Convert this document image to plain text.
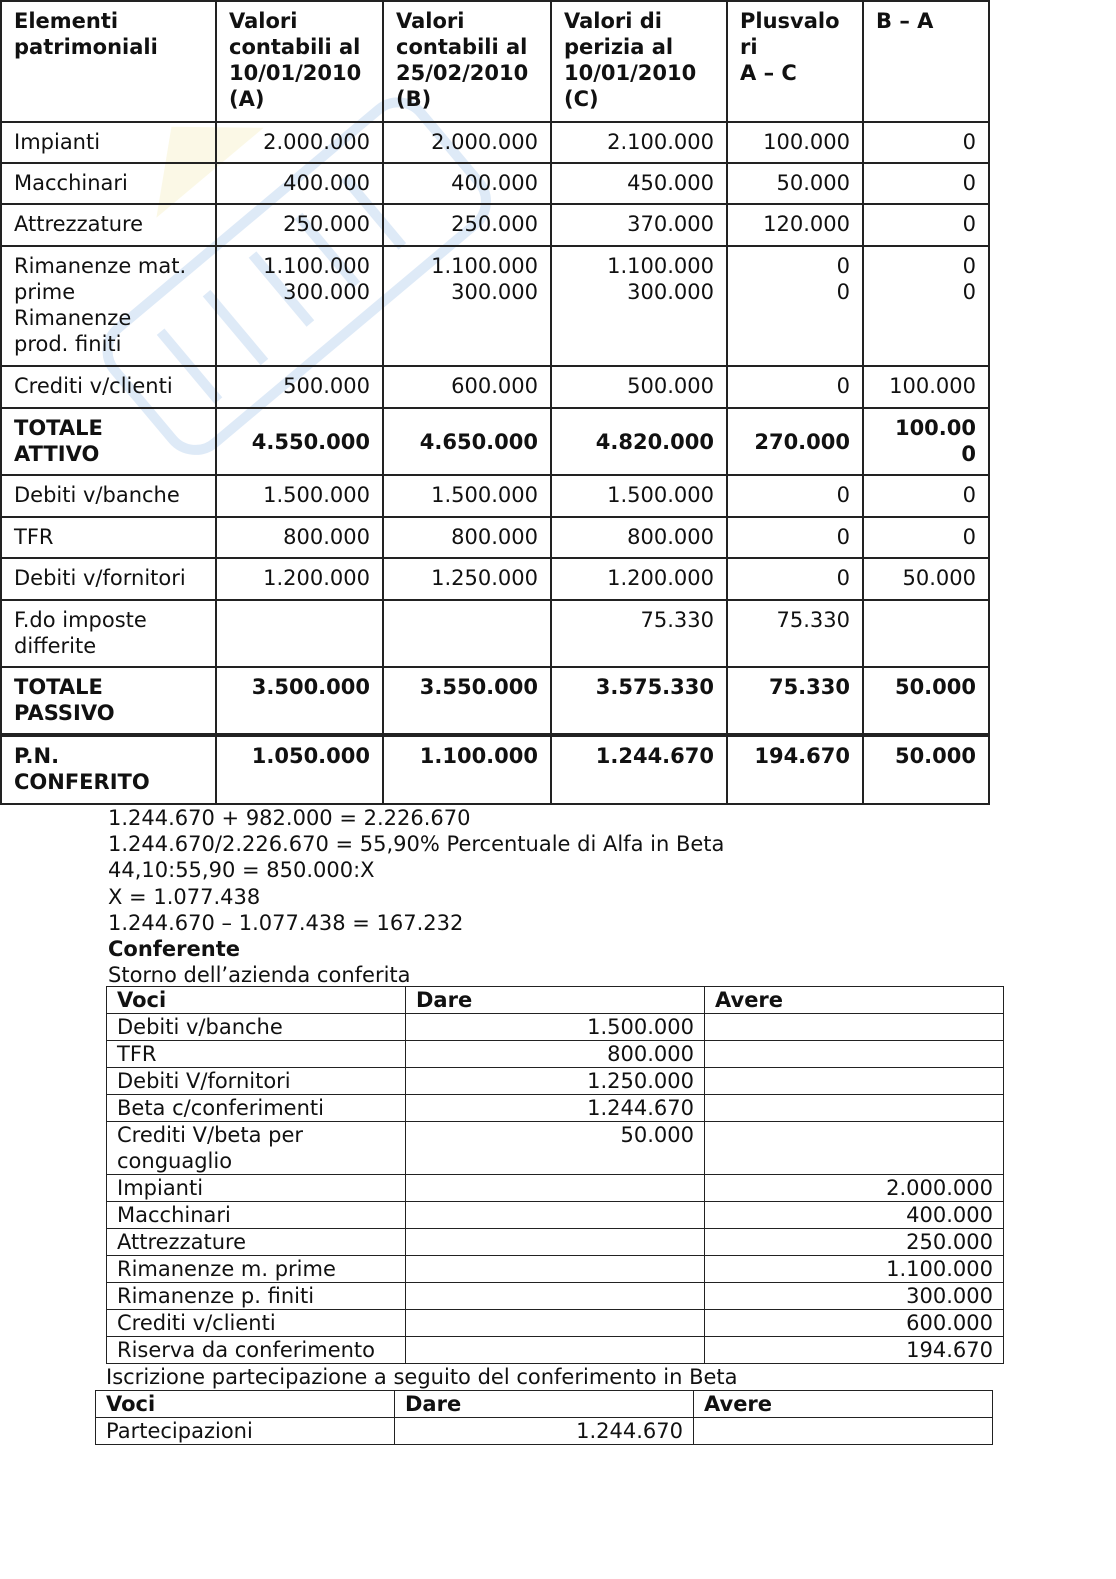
Elementi
patrimoniali	Valori
contabili al
10/01/2010
(A)	Valori
contabili al
25/02/2010
(B)	Valori di
perizia al
10/01/2010
(C)	Plusvalo
ri
A – C	B – A
Impianti	2.000.000	2.000.000	2.100.000	100.000	0
Macchinari	400.000	400.000	450.000	50.000	0
Attrezzature	250.000	250.000	370.000	120.000	0
Rimanenze mat.
prime
Rimanenze
prod. finiti	1.100.000
300.000	1.100.000
300.000	1.100.000
300.000	0
0	0
0
Crediti v/clienti	500.000	600.000	500.000	0	100.000
TOTALE
ATTIVO	4.550.000	4.650.000	4.820.000	270.000	100.00
0
Debiti v/banche	1.500.000	1.500.000	1.500.000	0	0
TFR	800.000	800.000	800.000	0	0
Debiti v/fornitori	1.200.000	1.250.000	1.200.000	0	50.000
F.do imposte
differite			75.330	75.330	
TOTALE
PASSIVO	3.500.000	3.550.000	3.575.330	75.330	50.000
P.N.
CONFERITO	1.050.000	1.100.000	1.244.670	194.670	50.000
1.244.670 + 982.000 = 2.226.670
1.244.670/2.226.670 = 55,90% Percentuale di Alfa in Beta
44,10:55,90 = 850.000:X
X = 1.077.438
1.244.670 – 1.077.438 = 167.232
Conferente
Storno dell’azienda conferita
Voci	Dare	Avere
Debiti v/banche	1.500.000	
TFR	800.000	
Debiti V/fornitori	1.250.000	
Beta c/conferimenti	1.244.670	
Crediti V/beta per
conguaglio	50.000	
Impianti		2.000.000
Macchinari		400.000
Attrezzature		250.000
Rimanenze m. prime		1.100.000
Rimanenze p. finiti		300.000
Crediti v/clienti		600.000
Riserva da conferimento		194.670
Iscrizione partecipazione a seguito del conferimento in Beta
Voci	Dare	Avere
Partecipazioni	1.244.670	
